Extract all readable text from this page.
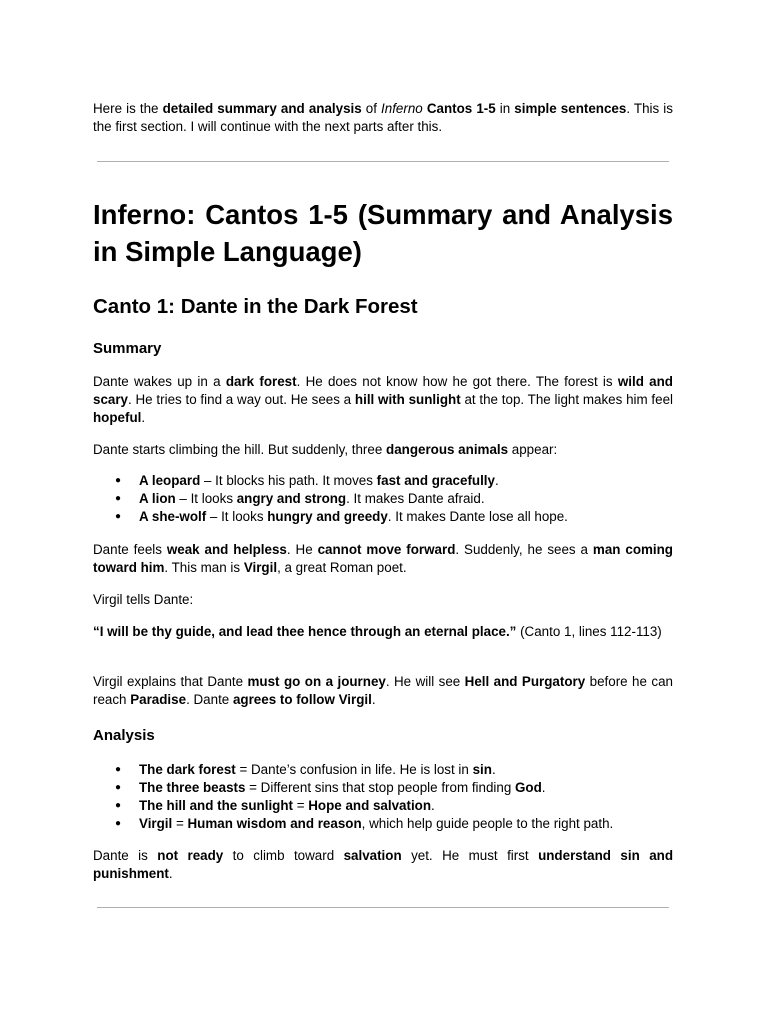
Here is the detailed summary and analysis of Inferno Cantos 1-5 in simple sentences. This is the first section. I will continue with the next parts after this.

Inferno: Cantos 1-5 (Summary and Analysis in Simple Language)
Canto 1: Dante in the Dark Forest
Summary

Dante wakes up in a dark forest. He does not know how he got there. The forest is wild and scary. He tries to find a way out. He sees a hill with sunlight at the top. The light makes him feel hopeful.

Dante starts climbing the hill. But suddenly, three dangerous animals appear:

● A leopard – It blocks his path. It moves fast and gracefully.
● A lion – It looks angry and strong. It makes Dante afraid.
● A she-wolf – It looks hungry and greedy. It makes Dante lose all hope.

Dante feels weak and helpless. He cannot move forward. Suddenly, he sees a man coming toward him. This man is Virgil, a great Roman poet.

Virgil tells Dante:

“I will be thy guide, and lead thee hence through an eternal place.” (Canto 1, lines 112-113)

Virgil explains that Dante must go on a journey. He will see Hell and Purgatory before he can reach Paradise. Dante agrees to follow Virgil.

Analysis
● The dark forest = Dante’s confusion in life. He is lost in sin.
● The three beasts = Different sins that stop people from finding God.
● The hill and the sunlight = Hope and salvation.
● Virgil = Human wisdom and reason, which help guide people to the right path.

Dante is not ready to climb toward salvation yet. He must first understand sin and punishment.
